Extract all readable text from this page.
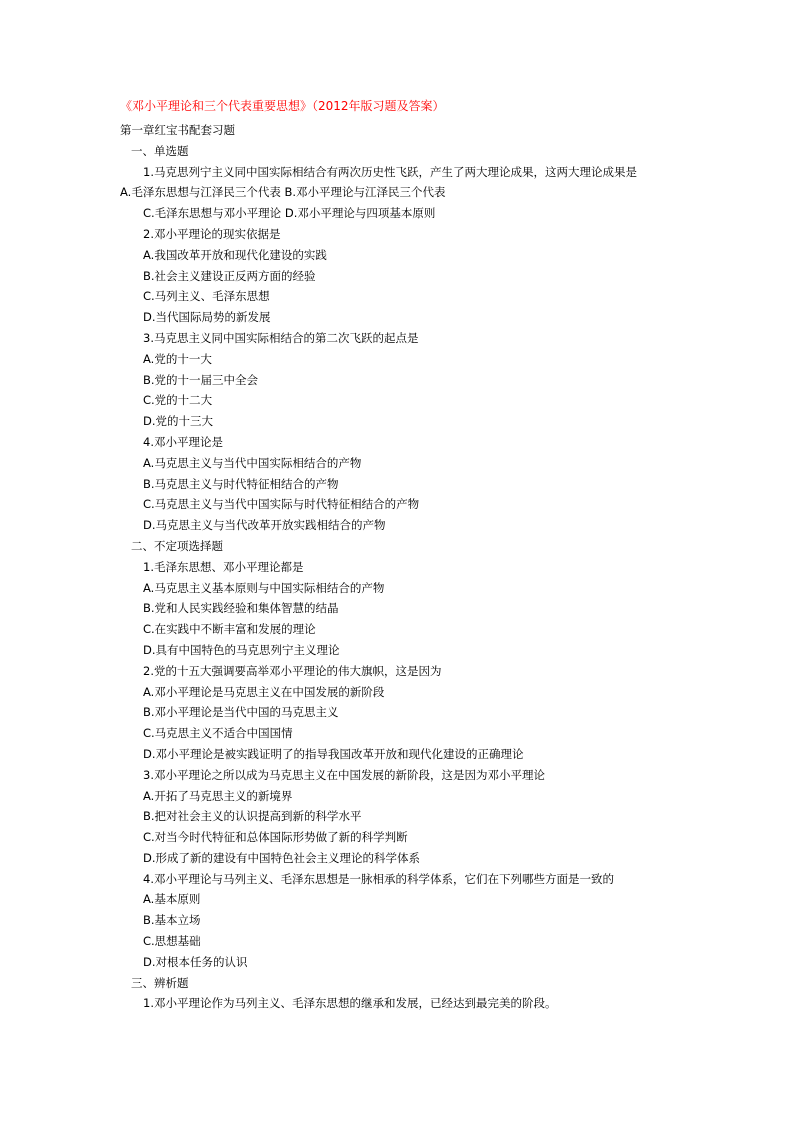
《邓小平理论和三个代表重要思想》（2012年版习题及答案）
第一章红宝书配套习题
一、单选题
1.马克思列宁主义同中国实际相结合有两次历史性飞跃，产生了两大理论成果，这两大理论成果是
A.毛泽东思想与江泽民三个代表 B.邓小平理论与江泽民三个代表
C.毛泽东思想与邓小平理论 D.邓小平理论与四项基本原则
2.邓小平理论的现实依据是
A.我国改革开放和现代化建设的实践
B.社会主义建设正反两方面的经验
C.马列主义、毛泽东思想
D.当代国际局势的新发展
3.马克思主义同中国实际相结合的第二次飞跃的起点是
A.党的十一大
B.党的十一届三中全会
C.党的十二大
D.党的十三大
4.邓小平理论是
A.马克思主义与当代中国实际相结合的产物
B.马克思主义与时代特征相结合的产物
C.马克思主义与当代中国实际与时代特征相结合的产物
D.马克思主义与当代改革开放实践相结合的产物
二、不定项选择题
1.毛泽东思想、邓小平理论都是
A.马克思主义基本原则与中国实际相结合的产物
B.党和人民实践经验和集体智慧的结晶
C.在实践中不断丰富和发展的理论
D.具有中国特色的马克思列宁主义理论
2.党的十五大强调要高举邓小平理论的伟大旗帜，这是因为
A.邓小平理论是马克思主义在中国发展的新阶段
B.邓小平理论是当代中国的马克思主义
C.马克思主义不适合中国国情
D.邓小平理论是被实践证明了的指导我国改革开放和现代化建设的正确理论
3.邓小平理论之所以成为马克思主义在中国发展的新阶段，这是因为邓小平理论
A.开拓了马克思主义的新境界
B.把对社会主义的认识提高到新的科学水平
C.对当今时代特征和总体国际形势做了新的科学判断
D.形成了新的建设有中国特色社会主义理论的科学体系
4.邓小平理论与马列主义、毛泽东思想是一脉相承的科学体系，它们在下列哪些方面是一致的
A.基本原则
B.基本立场
C.思想基础
D.对根本任务的认识
三、辨析题
1.邓小平理论作为马列主义、毛泽东思想的继承和发展，已经达到最完美的阶段。
